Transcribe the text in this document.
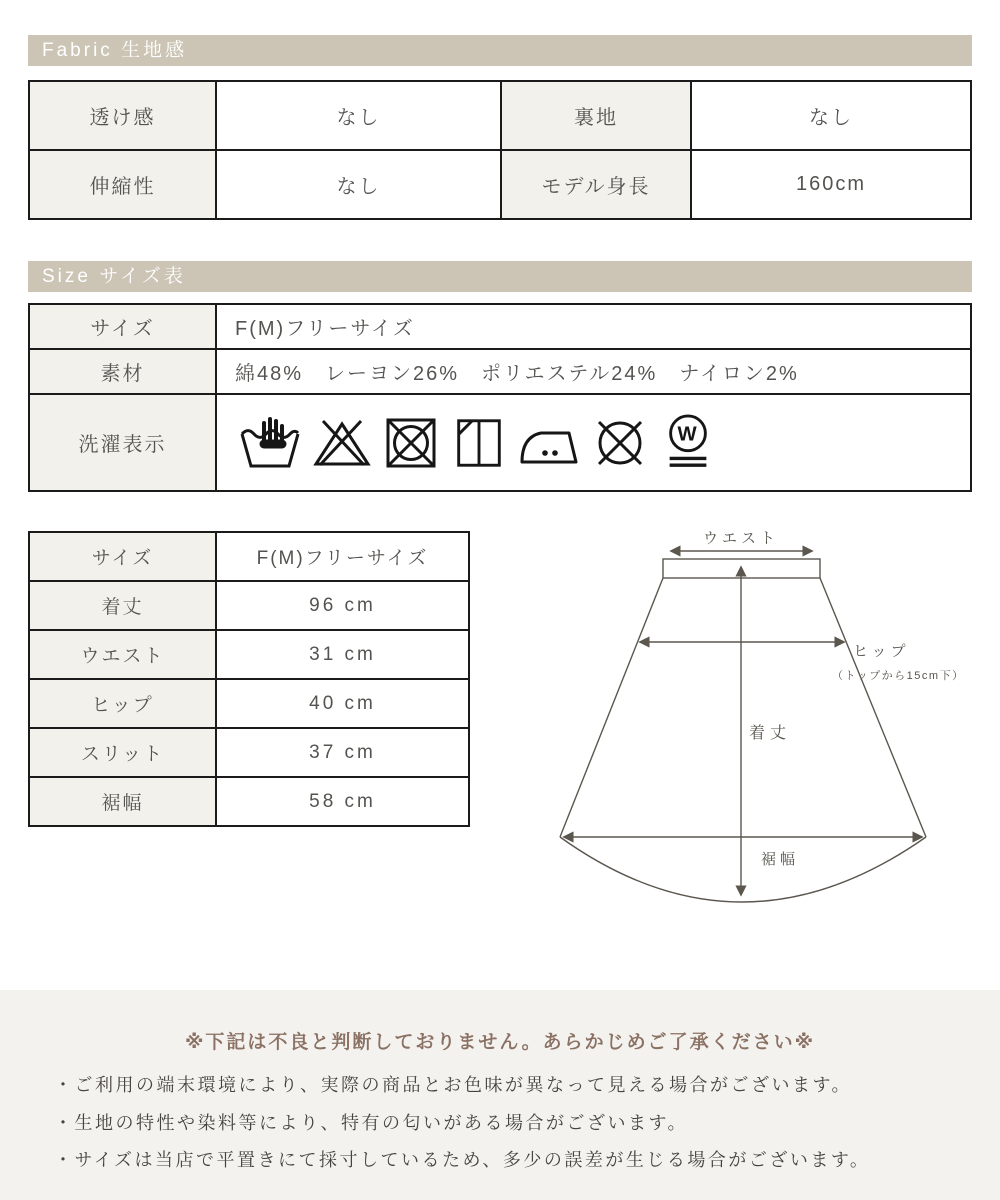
Fabric 生地感
透け感	なし	裏地	なし
伸縮性	なし	モデル身長	160cm
Size サイズ表
サイズ	F(M)フリーサイズ
素材	綿48%　レーヨン26%　ポリエステル24%　ナイロン2%
洗濯表示	W
サイズ	F(M)フリーサイズ
着丈	96 cm
ウエスト	31 cm
ヒップ	40 cm
スリット	37 cm
裾幅	58 cm
ウエスト
ヒップ
（トップから15cm下）
着丈
裾幅
※下記は不良と判断しておりません。あらかじめご了承ください※
・ご利用の端末環境により、実際の商品とお色味が異なって見える場合がございます。
・生地の特性や染料等により、特有の匂いがある場合がございます。
・サイズは当店で平置きにて採寸しているため、多少の誤差が生じる場合がございます。
